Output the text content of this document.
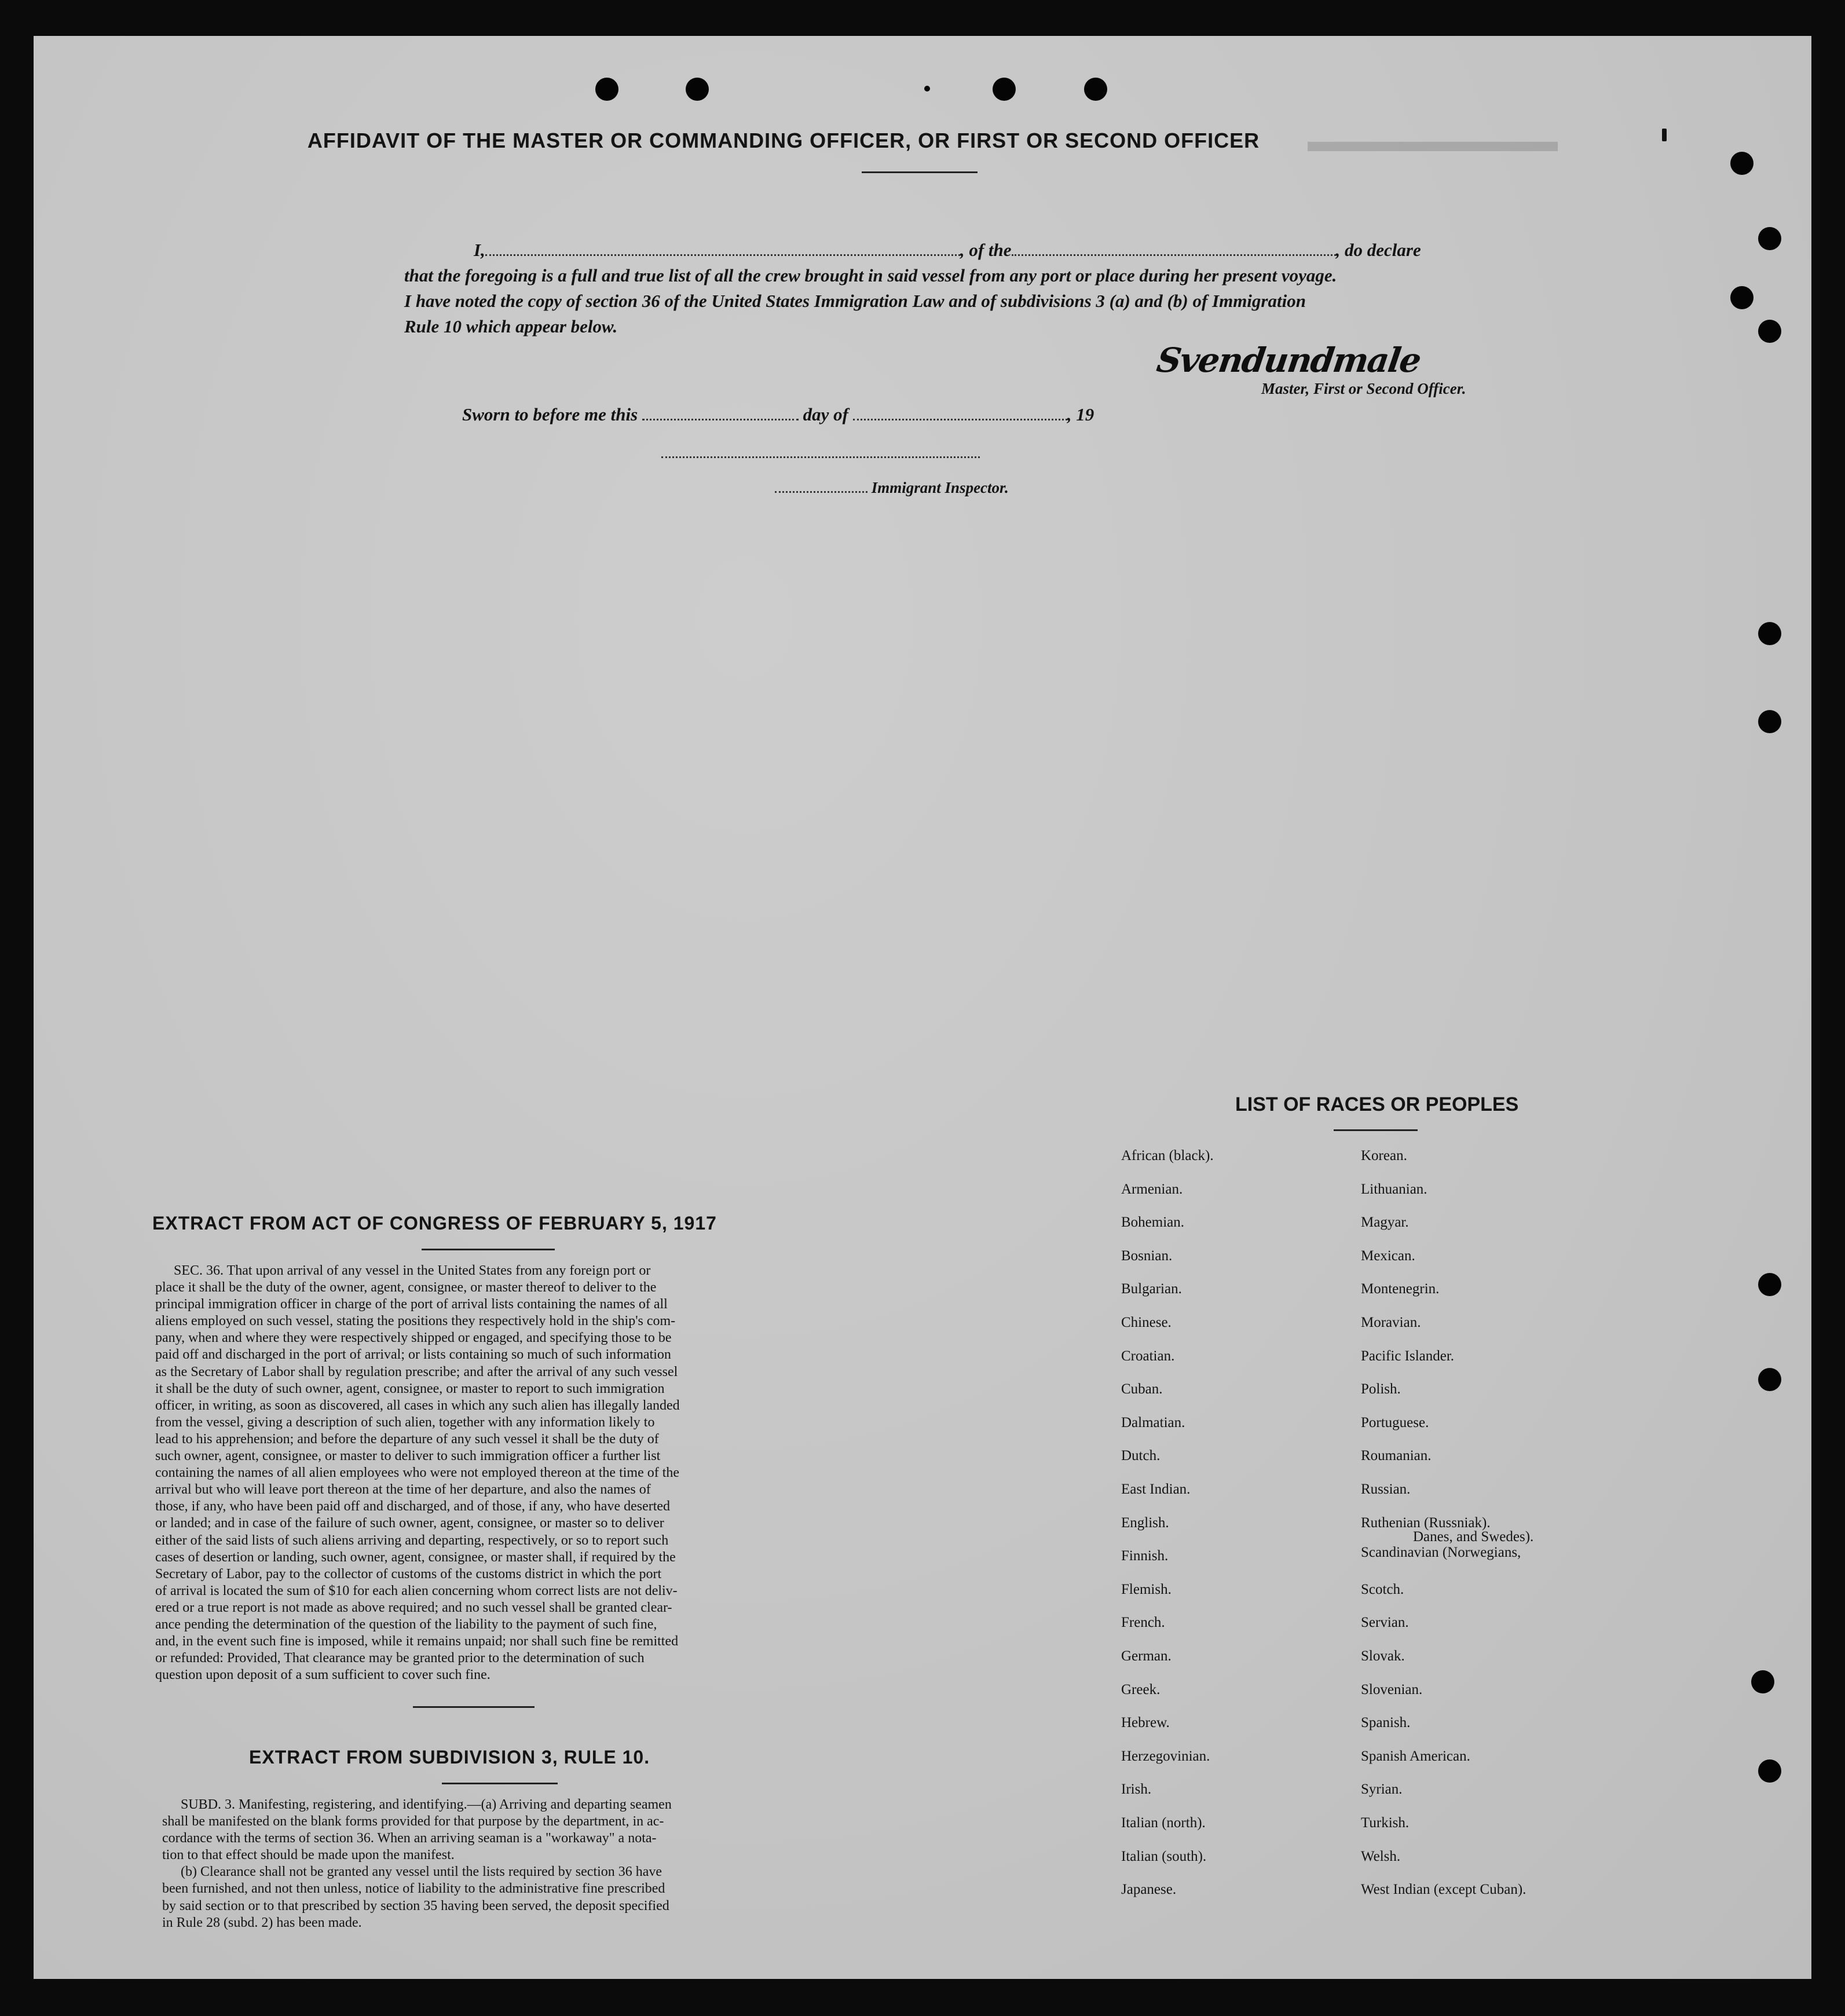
▬▬▬▬▬▬▬▬
AFFIDAVIT OF THE MASTER OR COMMANDING OFFICER, OR FIRST OR SECOND OFFICER
I,	, of the	, do declare
that the foregoing is a full and true list of all the crew brought in said vessel from any port or place during her present voyage.
I have noted the copy of section 36 of the United States Immigration Law and of subdivisions 3 (a) and (b) of Immigration
Rule 10 which appear below.
Svendundmale
Master, First or Second Officer.
Sworn to before me this	day of	, 19
Immigrant Inspector.
EXTRACT FROM ACT OF CONGRESS OF FEBRUARY 5, 1917
SEC. 36. That upon arrival of any vessel in the United States from any foreign port or
place it shall be the duty of the owner, agent, consignee, or master thereof to deliver to the
principal immigration officer in charge of the port of arrival lists containing the names of all
aliens employed on such vessel, stating the positions they respectively hold in the ship's com-
pany, when and where they were respectively shipped or engaged, and specifying those to be
paid off and discharged in the port of arrival; or lists containing so much of such information
as the Secretary of Labor shall by regulation prescribe; and after the arrival of any such vessel
it shall be the duty of such owner, agent, consignee, or master to report to such immigration
officer, in writing, as soon as discovered, all cases in which any such alien has illegally landed
from the vessel, giving a description of such alien, together with any information likely to
lead to his apprehension; and before the departure of any such vessel it shall be the duty of
such owner, agent, consignee, or master to deliver to such immigration officer a further list
containing the names of all alien employees who were not employed thereon at the time of the
arrival but who will leave port thereon at the time of her departure, and also the names of
those, if any, who have been paid off and discharged, and of those, if any, who have deserted
or landed; and in case of the failure of such owner, agent, consignee, or master so to deliver
either of the said lists of such aliens arriving and departing, respectively, or so to report such
cases of desertion or landing, such owner, agent, consignee, or master shall, if required by the
Secretary of Labor, pay to the collector of customs of the customs district in which the port
of arrival is located the sum of $10 for each alien concerning whom correct lists are not deliv-
ered or a true report is not made as above required; and no such vessel shall be granted clear-
ance pending the determination of the question of the liability to the payment of such fine,
and, in the event such fine is imposed, while it remains unpaid; nor shall such fine be remitted
or refunded: Provided, That clearance may be granted prior to the determination of such
question upon deposit of a sum sufficient to cover such fine.
EXTRACT FROM SUBDIVISION 3, RULE 10.
SUBD. 3. Manifesting, registering, and identifying.—(a) Arriving and departing seamen
shall be manifested on the blank forms provided for that purpose by the department, in ac-
cordance with the terms of section 36. When an arriving seaman is a "workaway" a nota-
tion to that effect should be made upon the manifest.
(b) Clearance shall not be granted any vessel until the lists required by section 36 have
been furnished, and not then unless, notice of liability to the administrative fine prescribed
by said section or to that prescribed by section 35 having been served, the deposit specified
in Rule 28 (subd. 2) has been made.
LIST OF RACES OR PEOPLES
African (black).
Armenian.
Bohemian.
Bosnian.
Bulgarian.
Chinese.
Croatian.
Cuban.
Dalmatian.
Dutch.
East Indian.
English.
Finnish.
Flemish.
French.
German.
Greek.
Hebrew.
Herzegovinian.
Irish.
Italian (north).
Italian (south).
Japanese.
Korean.
Lithuanian.
Magyar.
Mexican.
Montenegrin.
Moravian.
Pacific Islander.
Polish.
Portuguese.
Roumanian.
Russian.
Ruthenian (Russniak).
Scandinavian (Norwegians,
Scotch.
Servian.
Slovak.
Slovenian.
Spanish.
Spanish American.
Syrian.
Turkish.
Welsh.
West Indian (except Cuban).
Danes, and Swedes).
